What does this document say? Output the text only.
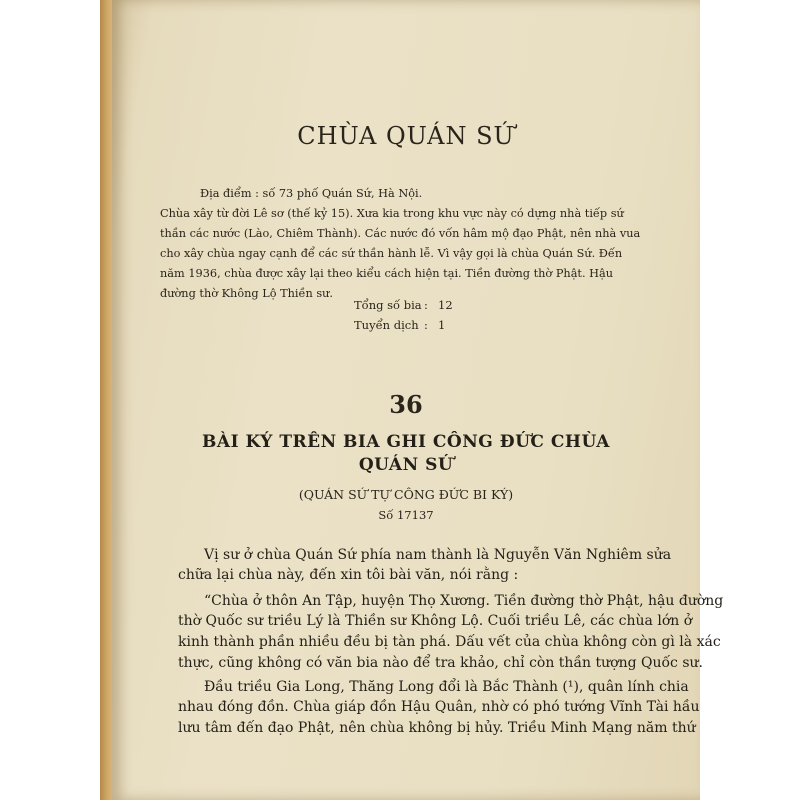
CHÙA QUÁN SỨ
Địa điểm : số 73 phố Quán Sứ, Hà Nội.
Chùa xây từ đời Lê sơ (thế kỷ 15). Xưa kia trong khu vực này có dựng nhà tiếp sứ
thần các nước (Lào, Chiêm Thành). Các nước đó vốn hâm mộ đạo Phật, nên nhà vua
cho xây chùa ngay cạnh để các sứ thần hành lễ. Vì vậy gọi là chùa Quán Sứ. Đến
năm 1936, chùa được xây lại theo kiểu cách hiện tại. Tiền đường thờ Phật. Hậu
đường thờ Không Lộ Thiền sư.
Tổng số bia : 12
Tuyển dịch : 1
36
BÀI KÝ TRÊN BIA GHI CÔNG ĐỨC CHÙA
QUÁN SỨ
(QUÁN SỨ TỰ CÔNG ĐỨC BI KÝ)
Số 17137
Vị sư ở chùa Quán Sứ phía nam thành là Nguyễn Văn Nghiêm sửa
chữa lại chùa này, đến xin tôi bài văn, nói rằng :
“Chùa ở thôn An Tập, huyện Thọ Xương. Tiền đường thờ Phật, hậu đường
thờ Quốc sư triều Lý là Thiền sư Không Lộ. Cuối triều Lê, các chùa lớn ở
kinh thành phần nhiều đều bị tàn phá. Dấu vết của chùa không còn gì là xác
thực, cũng không có văn bia nào để tra khảo, chỉ còn thần tượng Quốc sư.
Đầu triều Gia Long, Thăng Long đổi là Bắc Thành (¹), quân lính chia
nhau đóng đồn. Chùa giáp đồn Hậu Quân, nhờ có phó tướng Vĩnh Tài hầu
lưu tâm đến đạo Phật, nên chùa không bị hủy. Triều Minh Mạng năm thứ
